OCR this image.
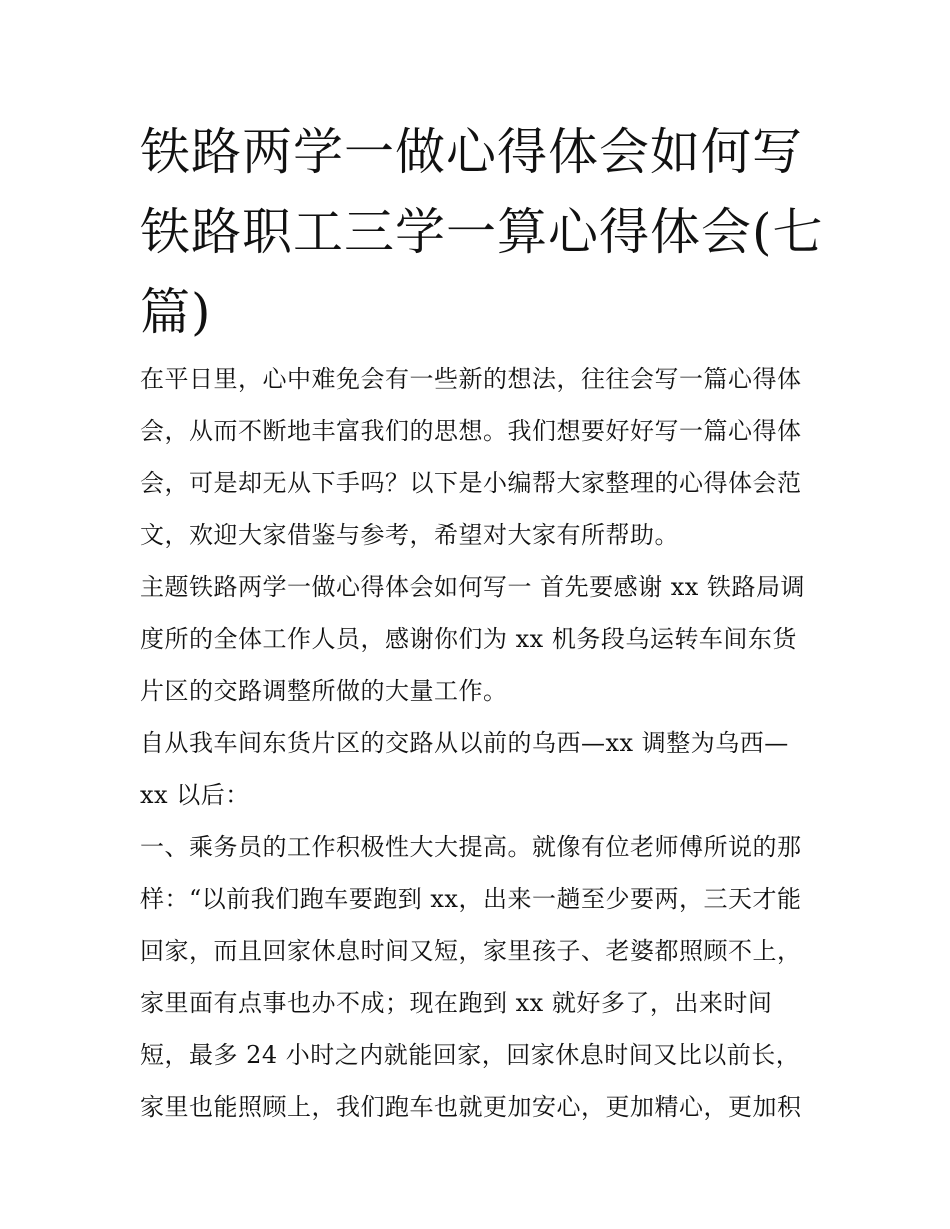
铁路两学一做心得体会如何写
铁路职工三学一算心得体会(七
篇)

在平日里，心中难免会有一些新的想法，往往会写一篇心得体
会，从而不断地丰富我们的思想。我们想要好好写一篇心得体
会，可是却无从下手吗？以下是小编帮大家整理的心得体会范
文，欢迎大家借鉴与参考，希望对大家有所帮助。

主题铁路两学一做心得体会如何写一 首先要感谢 xx 铁路局调
度所的全体工作人员，感谢你们为 xx 机务段乌运转车间东货
片区的交路调整所做的大量工作。

自从我车间东货片区的交路从以前的乌西—xx 调整为乌西—
xx 以后：

一、乘务员的工作积极性大大提高。就像有位老师傅所说的那
样：“以前我们跑车要跑到 xx，出来一趟至少要两，三天才能
回家，而且回家休息时间又短，家里孩子、老婆都照顾不上，
家里面有点事也办不成；现在跑到 xx 就好多了，出来时间
短，最多 24 小时之内就能回家，回家休息时间又比以前长，
家里也能照顾上，我们跑车也就更加安心，更加精心，更加积
